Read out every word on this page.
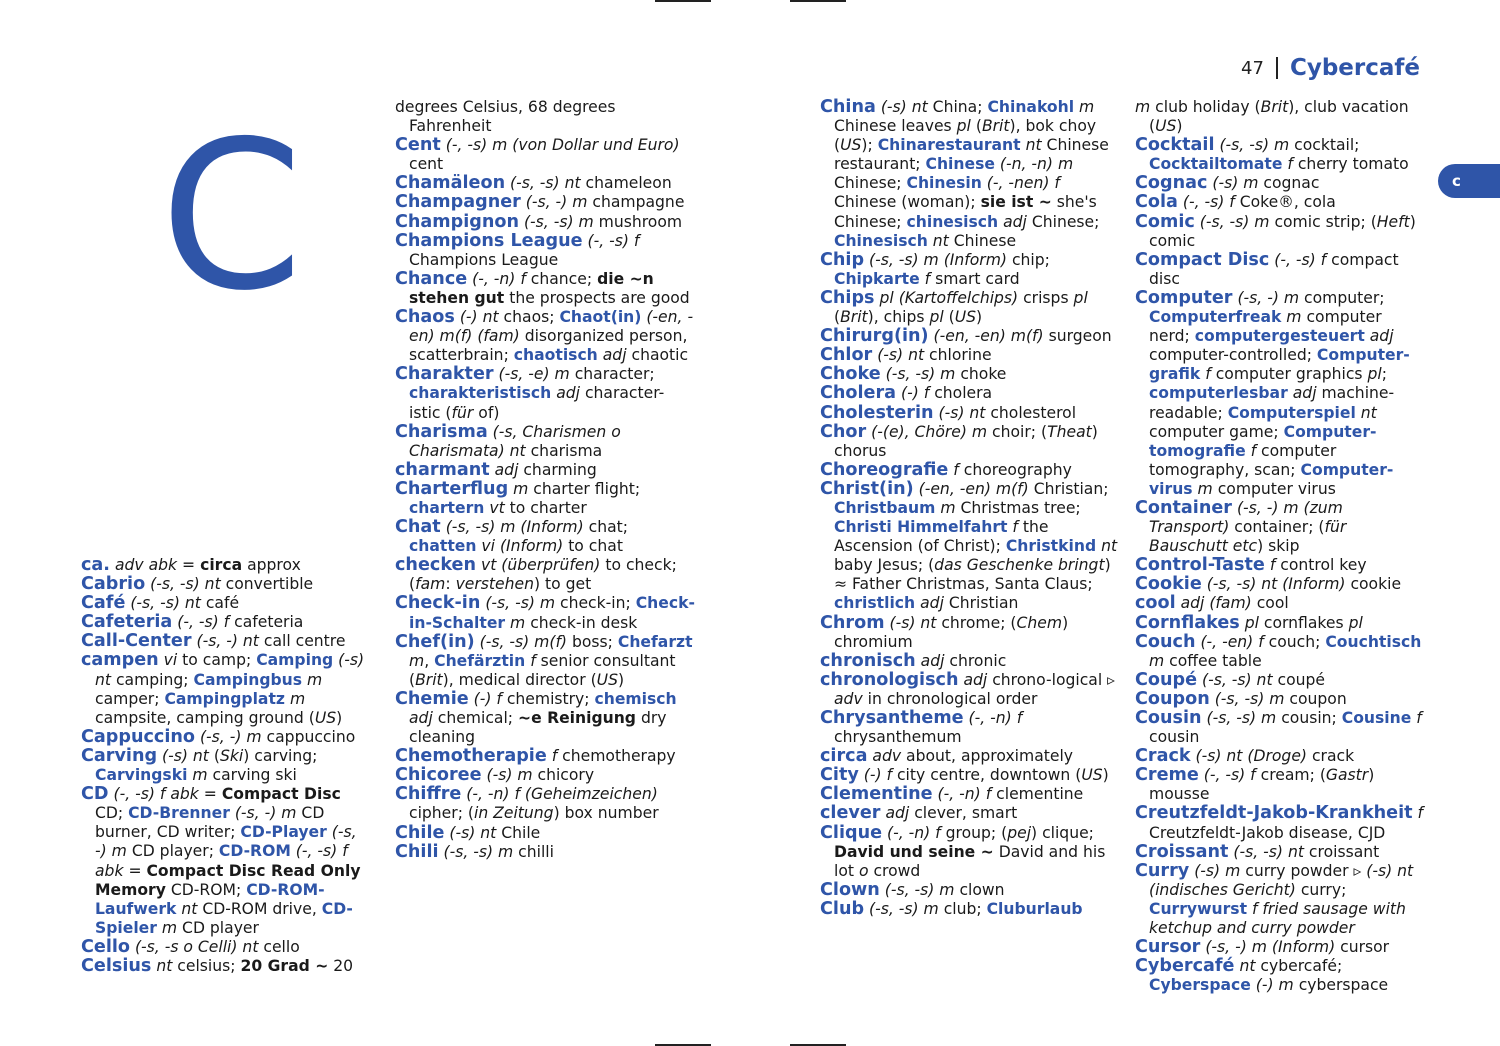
C
47 Cybercafé
c
ca. adv abk = circa approx
Cabrio (-s, -s) nt convertible
Café (-s, -s) nt café
Cafeteria (-, -s) f cafeteria
Call-Center (-s, -) nt call centre
campen vi to camp; Camping (-s) nt camping; Campingbus m camper; Campingplatz m campsite, camping ground (US)
Cappuccino (-s, -) m cappuccino
Carving (-s) nt (Ski) carving; Carvingski m carving ski
CD (-, -s) f abk = Compact Disc CD; CD-Brenner (-s, -) m CD burner, CD writer; CD-Player (-s, -) m CD player; CD-ROM (-, -s) f abk = Compact Disc Read Only Memory CD-ROM; CD-ROM-Laufwerk nt CD-ROM drive, CD-Spieler m CD player
Cello (-s, -s o Celli) nt cello
Celsius nt celsius; 20 Grad ~ 20
degrees Celsius, 68 degrees Fahrenheit
Cent (-, -s) m (von Dollar und Euro) cent
Chamäleon (-s, -s) nt chameleon
Champagner (-s, -) m champagne
Champignon (-s, -s) m mushroom
Champions League (-, -s) f Champions League
Chance (-, -n) f chance; die ~n stehen gut the prospects are good
Chaos (-) nt chaos; Chaot(in) (-en, -en) m(f) (fam) disorganized person, scatterbrain; chaotisch adj chaotic
Charakter (-s, -e) m character; charakteristisch adj character-istic (für of)
Charisma (-s, Charismen o Charismata) nt charisma
charmant adj charming
Charterflug m charter flight; chartern vt to charter
Chat (-s, -s) m (Inform) chat; chatten vi (Inform) to chat
checken vt (überprüfen) to check; (fam: verstehen) to get
Check-in (-s, -s) m check-in; Check-in-Schalter m check-in desk
Chef(in) (-s, -s) m(f) boss; Chefarzt m, Chefärztin f senior consultant (Brit), medical director (US)
Chemie (-) f chemistry; chemisch adj chemical; ~e Reinigung dry cleaning
Chemotherapie f chemotherapy
Chicoree (-s) m chicory
Chiffre (-, -n) f (Geheimzeichen) cipher; (in Zeitung) box number
Chile (-s) nt Chile
Chili (-s, -s) m chilli
China (-s) nt China; Chinakohl m Chinese leaves pl (Brit), bok choy (US); Chinarestaurant nt Chinese restaurant; Chinese (-n, -n) m Chinese; Chinesin (-, -nen) f Chinese (woman); sie ist ~ she's Chinese; chinesisch adj Chinese; Chinesisch nt Chinese
Chip (-s, -s) m (Inform) chip; Chipkarte f smart card
Chips pl (Kartoffelchips) crisps pl (Brit), chips pl (US)
Chirurg(in) (-en, -en) m(f) surgeon
Chlor (-s) nt chlorine
Choke (-s, -s) m choke
Cholera (-) f cholera
Cholesterin (-s) nt cholesterol
Chor (-(e), Chöre) m choir; (Theat) chorus
Choreografie f choreography
Christ(in) (-en, -en) m(f) Christian; Christbaum m Christmas tree; Christi Himmelfahrt f the Ascension (of Christ); Christkind nt baby Jesus; (das Geschenke bringt) ≈ Father Christmas, Santa Claus; christlich adj Christian
Chrom (-s) nt chrome; (Chem) chromium
chronisch adj chronic
chronologisch adj chrono-logical ▹ adv in chronological order
Chrysantheme (-, -n) f chrysanthemum
circa adv about, approximately
City (-) f city centre, downtown (US)
Clementine (-, -n) f clementine
clever adj clever, smart
Clique (-, -n) f group; (pej) clique; David und seine ~ David and his lot o crowd
Clown (-s, -s) m clown
Club (-s, -s) m club; Cluburlaub
m club holiday (Brit), club vacation (US)
Cocktail (-s, -s) m cocktail; Cocktailtomate f cherry tomato
Cognac (-s) m cognac
Cola (-, -s) f Coke®, cola
Comic (-s, -s) m comic strip; (Heft) comic
Compact Disc (-, -s) f compact disc
Computer (-s, -) m computer; Computerfreak m computer nerd; computergesteuert adj computer-controlled; Computer-grafik f computer graphics pl; computerlesbar adj machine-readable; Computerspiel nt computer game; Computer-tomografie f computer tomography, scan; Computer-virus m computer virus
Container (-s, -) m (zum Transport) container; (für Bauschutt etc) skip
Control-Taste f control key
Cookie (-s, -s) nt (Inform) cookie
cool adj (fam) cool
Cornflakes pl cornflakes pl
Couch (-, -en) f couch; Couchtisch m coffee table
Coupé (-s, -s) nt coupé
Coupon (-s, -s) m coupon
Cousin (-s, -s) m cousin; Cousine f cousin
Crack (-s) nt (Droge) crack
Creme (-, -s) f cream; (Gastr) mousse
Creutzfeldt-Jakob-Krankheit f Creutzfeldt-Jakob disease, CJD
Croissant (-s, -s) nt croissant
Curry (-s) m curry powder ▹ (-s) nt (indisches Gericht) curry; Currywurst f fried sausage with ketchup and curry powder
Cursor (-s, -) m (Inform) cursor
Cybercafé nt cybercafé; Cyberspace (-) m cyberspace
